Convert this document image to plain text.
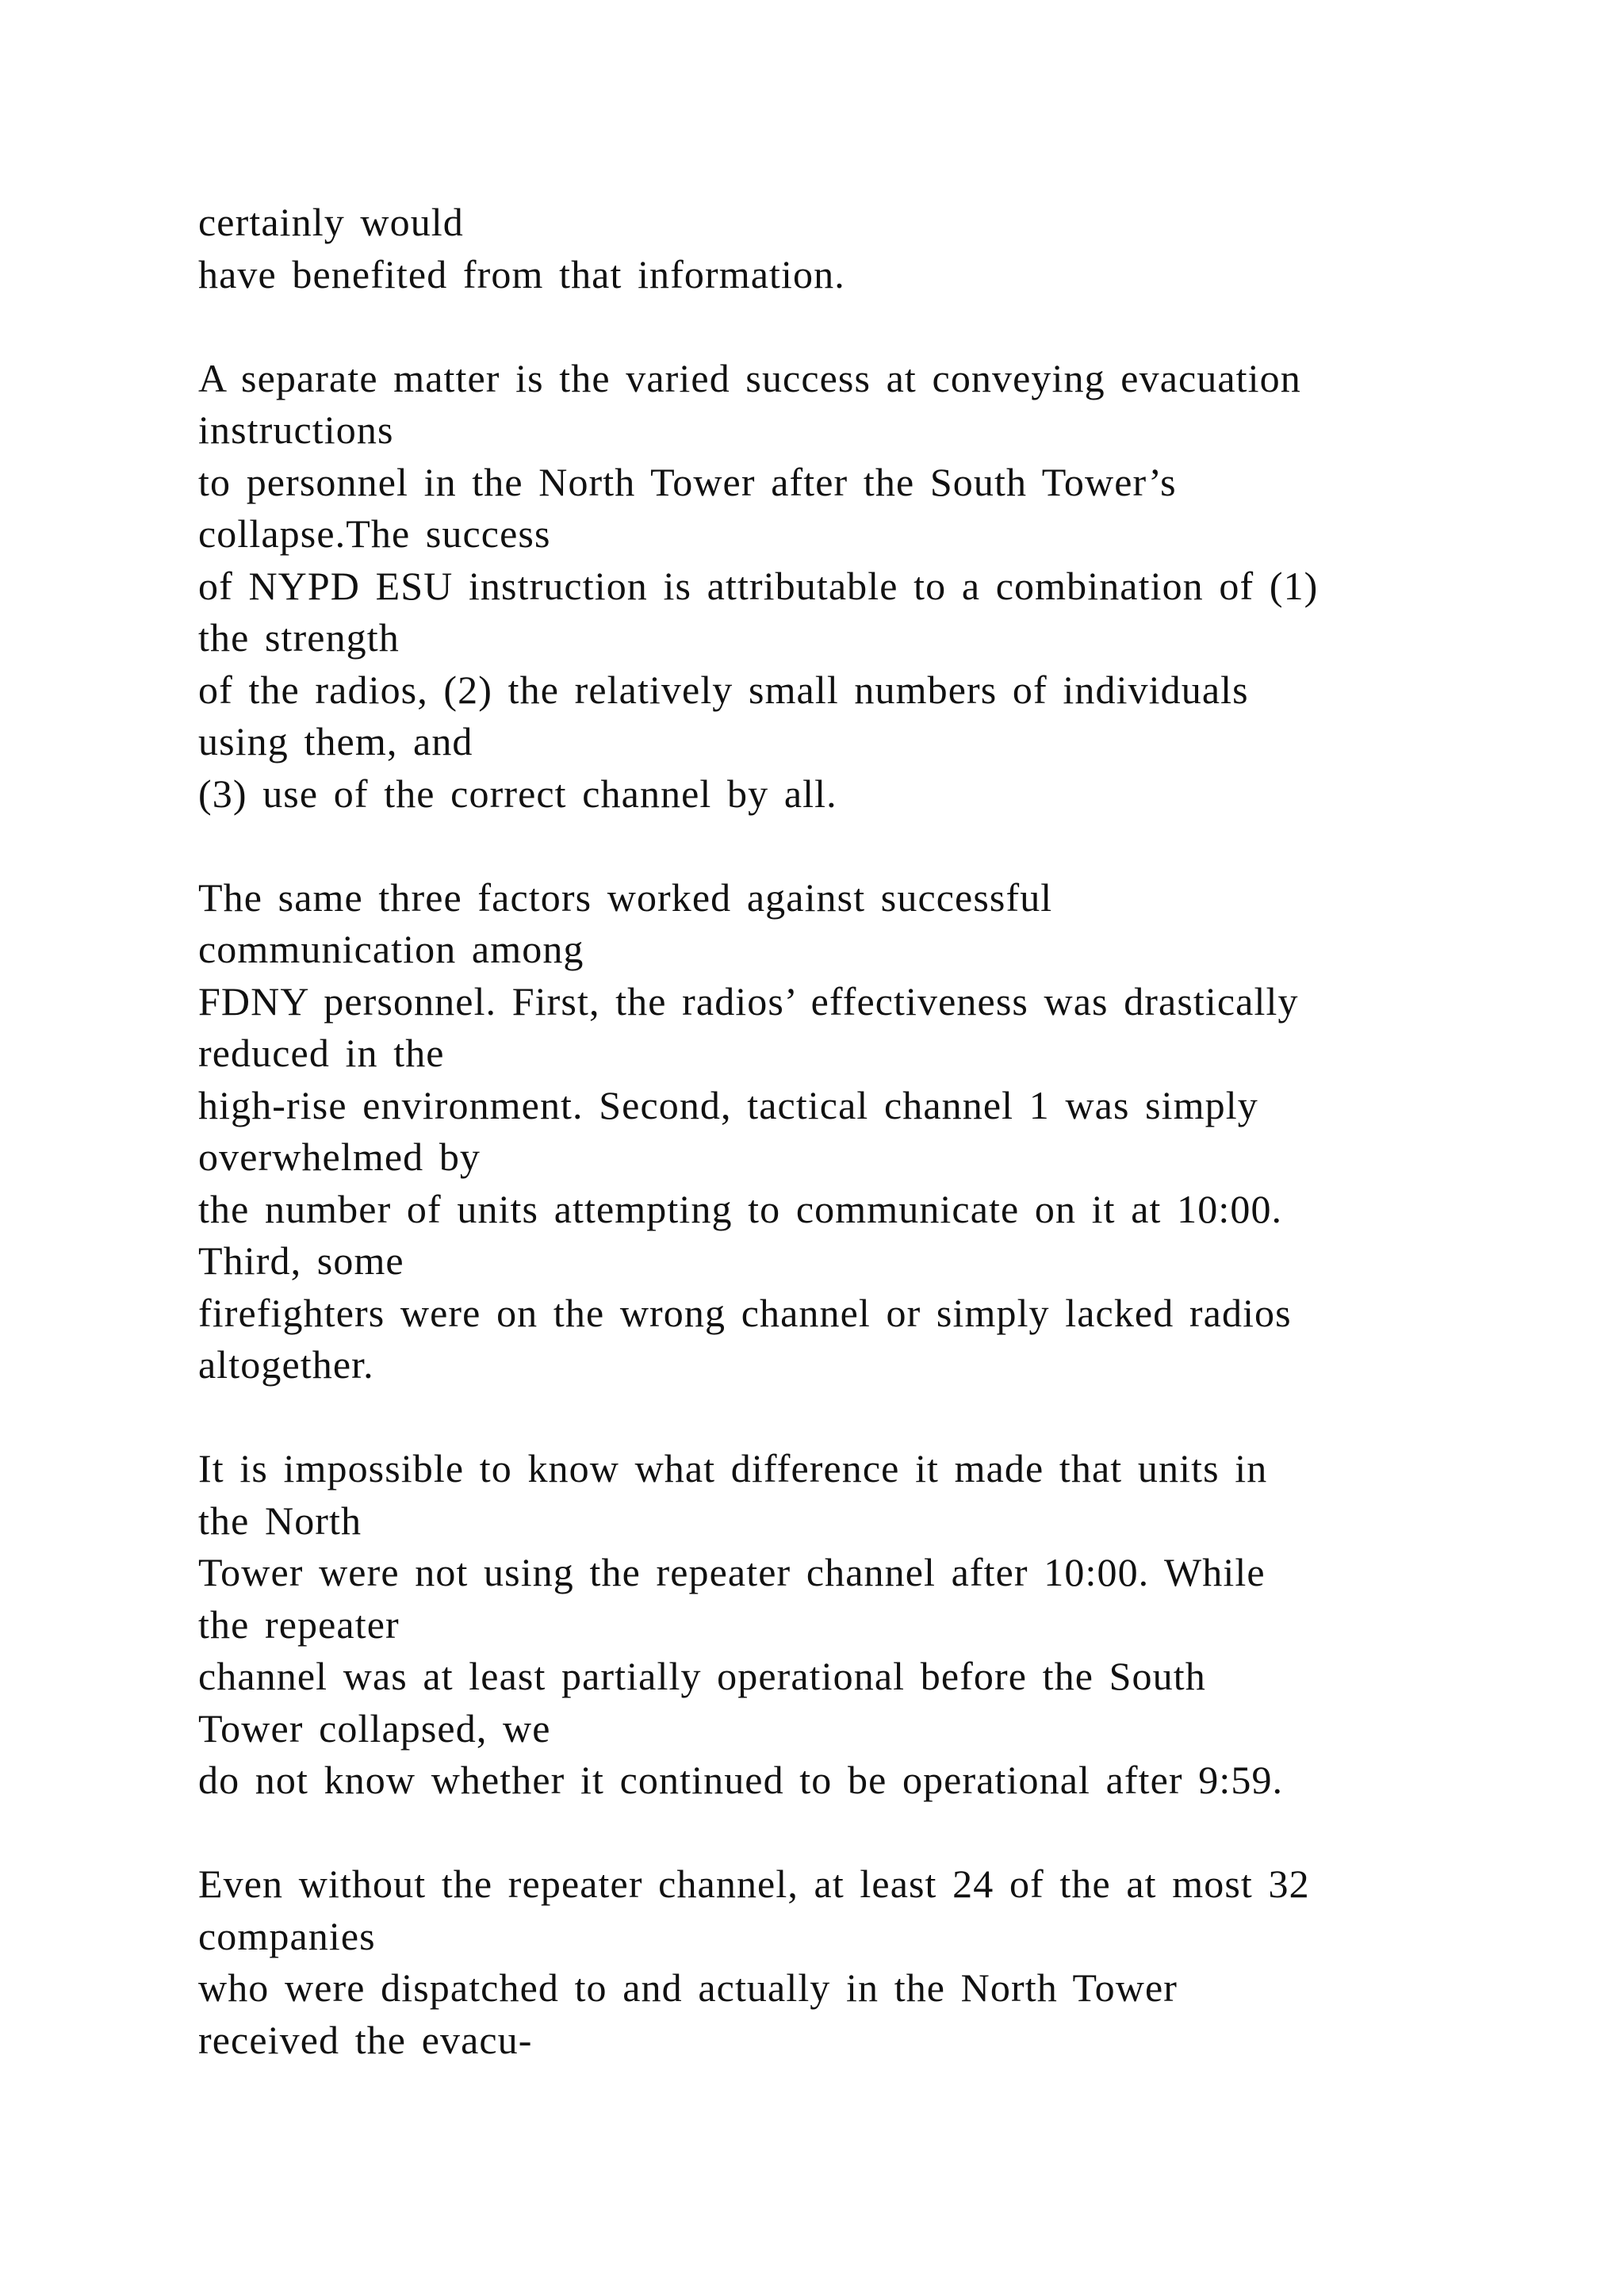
certainly would
have benefited from that information.
A separate matter is the varied success at conveying evacuation
instructions
to personnel in the North Tower after the South Tower’s
collapse.The success
of NYPD ESU instruction is attributable to a combination of (1)
the strength
of the radios, (2) the relatively small numbers of individuals
using them, and
(3) use of the correct channel by all.
The same three factors worked against successful
communication among
FDNY personnel. First, the radios’ effectiveness was drastically
reduced in the
high-rise environment. Second, tactical channel 1 was simply
overwhelmed by
the number of units attempting to communicate on it at 10:00.
Third, some
firefighters were on the wrong channel or simply lacked radios
altogether.
It is impossible to know what difference it made that units in
the North
Tower were not using the repeater channel after 10:00. While
the repeater
channel was at least partially operational before the South
Tower collapsed, we
do not know whether it continued to be operational after 9:59.
Even without the repeater channel, at least 24 of the at most 32
companies
who were dispatched to and actually in the North Tower
received the evacu-
